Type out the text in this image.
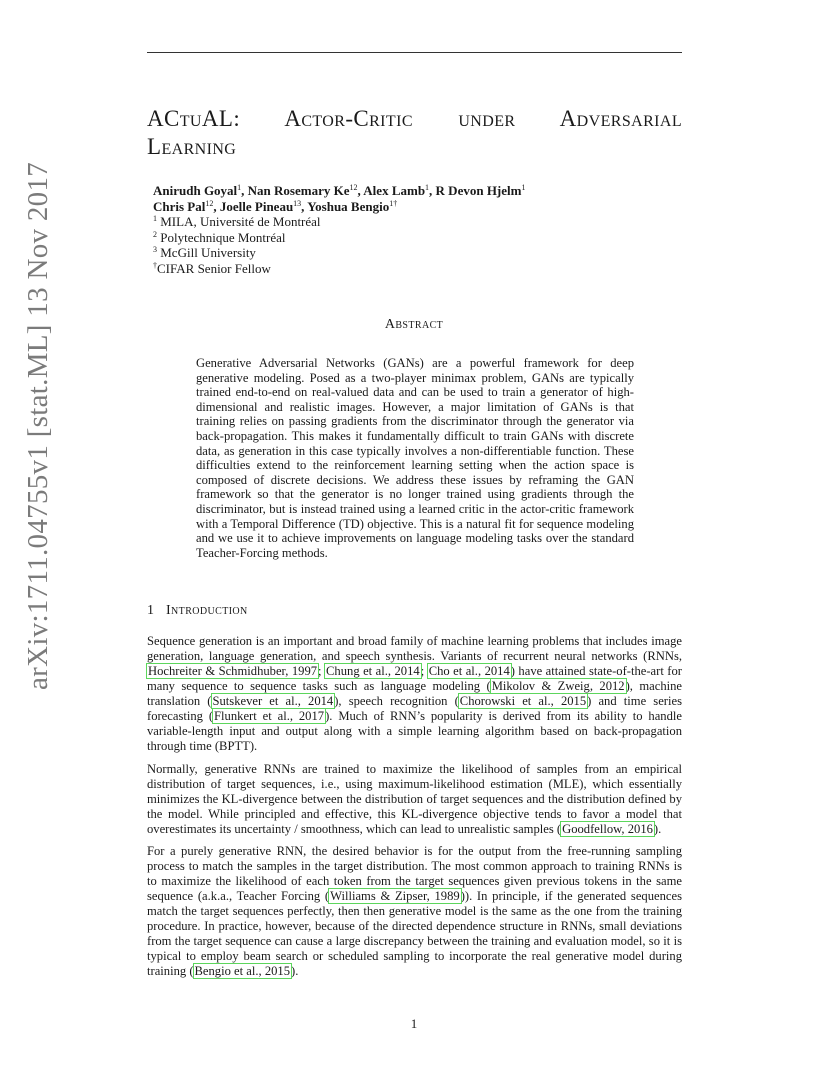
arXiv:1711.04755v1 [stat.ML] 13 Nov 2017
ACtuAL: Actor-Critic under Adversarial
Learning
Anirudh Goyal$^1$, Nan Rosemary Ke$^{12}$, Alex Lamb$^1$, R Devon Hjelm$^1$
Chris Pal$^{12}$, Joelle Pineau$^{13}$, Yoshua Bengio$^{1\dagger}$
$^1$ MILA, Université de Montréal
$^2$ Polytechnique Montréal
$^3$ McGill University
†CIFAR Senior Fellow
Abstract

Generative Adversarial Networks (GANs) are a powerful framework for deep generative modeling. Posed as a two-player minimax problem, GANs are typically trained end-to-end on real-valued data and can be used to train a generator of high-dimensional and realistic images. However, a major limitation of GANs is that training relies on passing gradients from the discriminator through the generator via back-propagation. This makes it fundamentally difficult to train GANs with discrete data, as generation in this case typically involves a non-differentiable function. These difficulties extend to the reinforcement learning setting when the action space is composed of discrete decisions. We address these issues by reframing the GAN framework so that the generator is no longer trained using gradients through the discriminator, but is instead trained using a learned critic in the actor-critic framework with a Temporal Difference (TD) objective. This is a natural fit for sequence modeling and we use it to achieve improvements on language modeling tasks over the standard Teacher-Forcing methods.

1 Introduction

Sequence generation is an important and broad family of machine learning problems that includes image generation, language generation, and speech synthesis. Variants of recurrent neural networks (RNNs, Hochreiter & Schmidhuber, 1997; Chung et al., 2014; Cho et al., 2014) have attained state-of-the-art for many sequence to sequence tasks such as language modeling (Mikolov & Zweig, 2012), machine translation (Sutskever et al., 2014), speech recognition (Chorowski et al., 2015) and time series forecasting (Flunkert et al., 2017). Much of RNN’s popularity is derived from its ability to handle variable-length input and output along with a simple learning algorithm based on back-propagation through time (BPTT).

Normally, generative RNNs are trained to maximize the likelihood of samples from an empirical distribution of target sequences, i.e., using maximum-likelihood estimation (MLE), which essentially minimizes the KL-divergence between the distribution of target sequences and the distribution defined by the model. While principled and effective, this KL-divergence objective tends to favor a model that overestimates its uncertainty / smoothness, which can lead to unrealistic samples (Goodfellow, 2016).

For a purely generative RNN, the desired behavior is for the output from the free-running sampling process to match the samples in the target distribution. The most common approach to training RNNs is to maximize the likelihood of each token from the target sequences given previous tokens in the same sequence (a.k.a., Teacher Forcing (Williams & Zipser, 1989)). In principle, if the generated sequences match the target sequences perfectly, then then generative model is the same as the one from the training procedure. In practice, however, because of the directed dependence structure in RNNs, small deviations from the target sequence can cause a large discrepancy between the training and evaluation model, so it is typical to employ beam search or scheduled sampling to incorporate the real generative model during training (Bengio et al., 2015).

1
